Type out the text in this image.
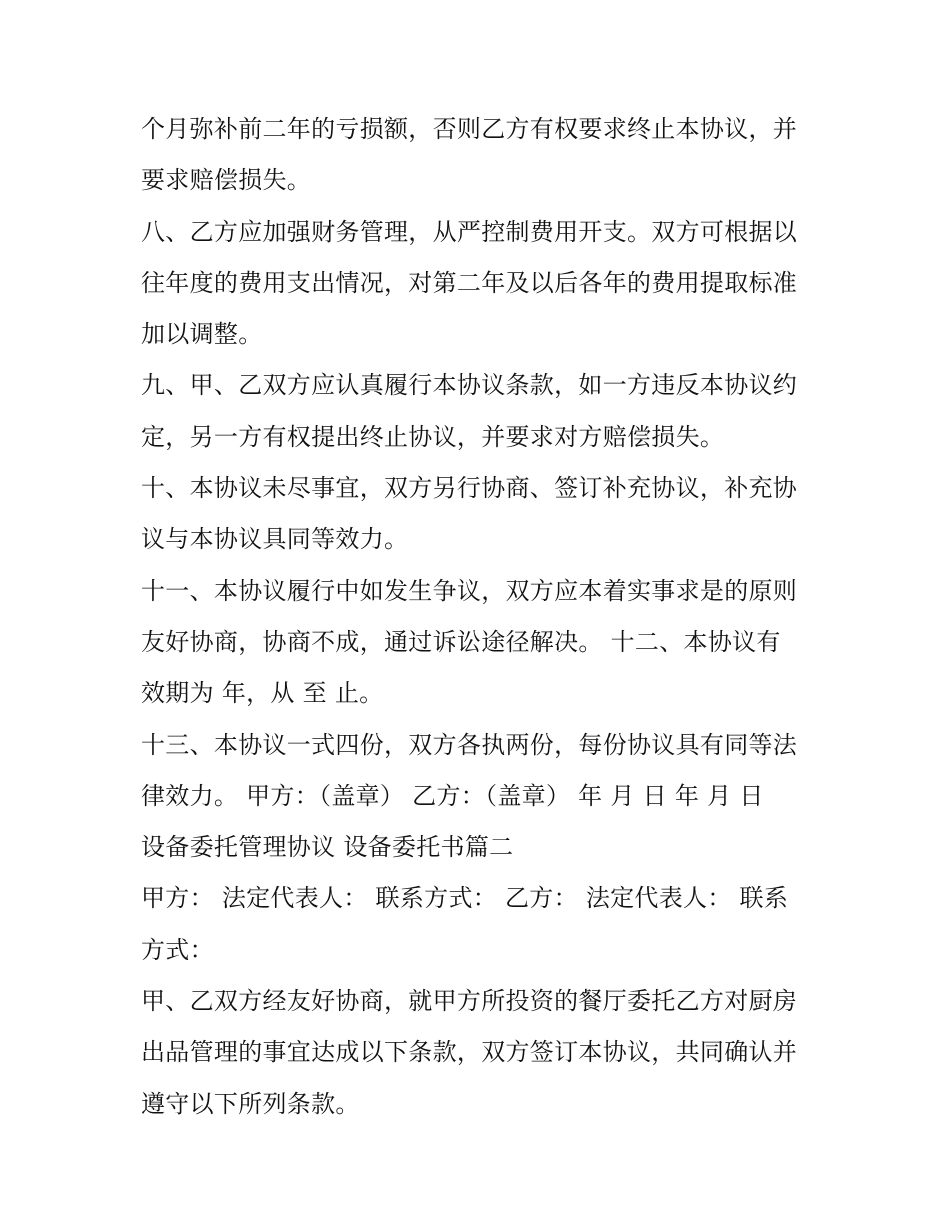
个月弥补前二年的亏损额，否则乙方有权要求终止本协议，并
要求赔偿损失。
八、乙方应加强财务管理，从严控制费用开支。双方可根据以
往年度的费用支出情况，对第二年及以后各年的费用提取标准
加以调整。
九、甲、乙双方应认真履行本协议条款，如一方违反本协议约
定，另一方有权提出终止协议，并要求对方赔偿损失。
十、本协议未尽事宜，双方另行协商、签订补充协议，补充协
议与本协议具同等效力。
十一、本协议履行中如发生争议，双方应本着实事求是的原则
友好协商，协商不成，通过诉讼途径解决。 十二、本协议有
效期为 年，从 至 止。
十三、本协议一式四份，双方各执两份，每份协议具有同等法
律效力。 甲方：（盖章） 乙方：（盖章） 年 月 日 年 月 日
设备委托管理协议 设备委托书篇二
甲方： 法定代表人： 联系方式： 乙方： 法定代表人： 联系
方式：
甲、乙双方经友好协商，就甲方所投资的餐厅委托乙方对厨房
出品管理的事宜达成以下条款，双方签订本协议，共同确认并
遵守以下所列条款。
